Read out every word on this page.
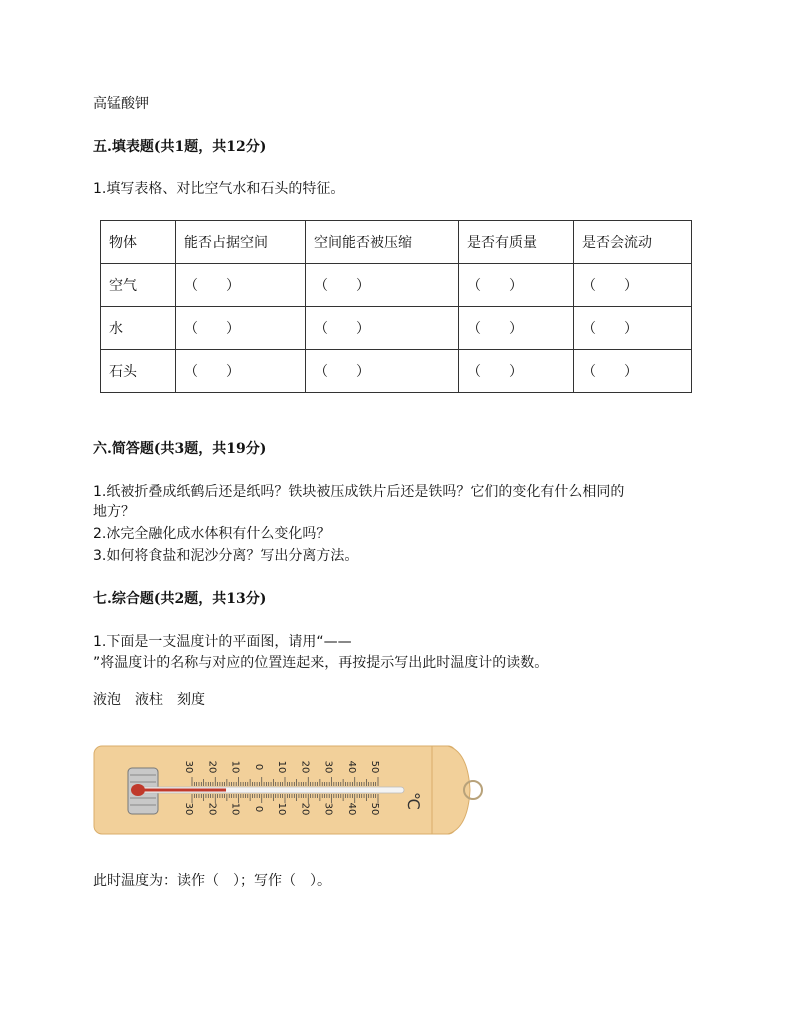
高锰酸钾
五.填表题(共1题，共12分)
1.填写表格、对比空气水和石头的特征。
物体	能否占据空间	空间能否被压缩	是否有质量	是否会流动
空气	（　　）	（　　）	（　　）	（　　）
水	（　　）	（　　）	（　　）	（　　）
石头	（　　）	（　　）	（　　）	（　　）
六.简答题(共3题，共19分)
1.纸被折叠成纸鹤后还是纸吗？铁块被压成铁片后还是铁吗？它们的变化有什么相同的
地方？
2.冰完全融化成水体积有什么变化吗？
3.如何将食盐和泥沙分离？写出分离方法。
七.综合题(共2题，共13分)
1.下面是一支温度计的平面图，请用“——
”将温度计的名称与对应的位置连起来，再按提示写出此时温度计的读数。
液泡　液柱　刻度
30 20 10 0 10 20 30 40 50
30 20 10 0 10 20 30 40 50 ℃
此时温度为：读作（　）；写作（　）。
